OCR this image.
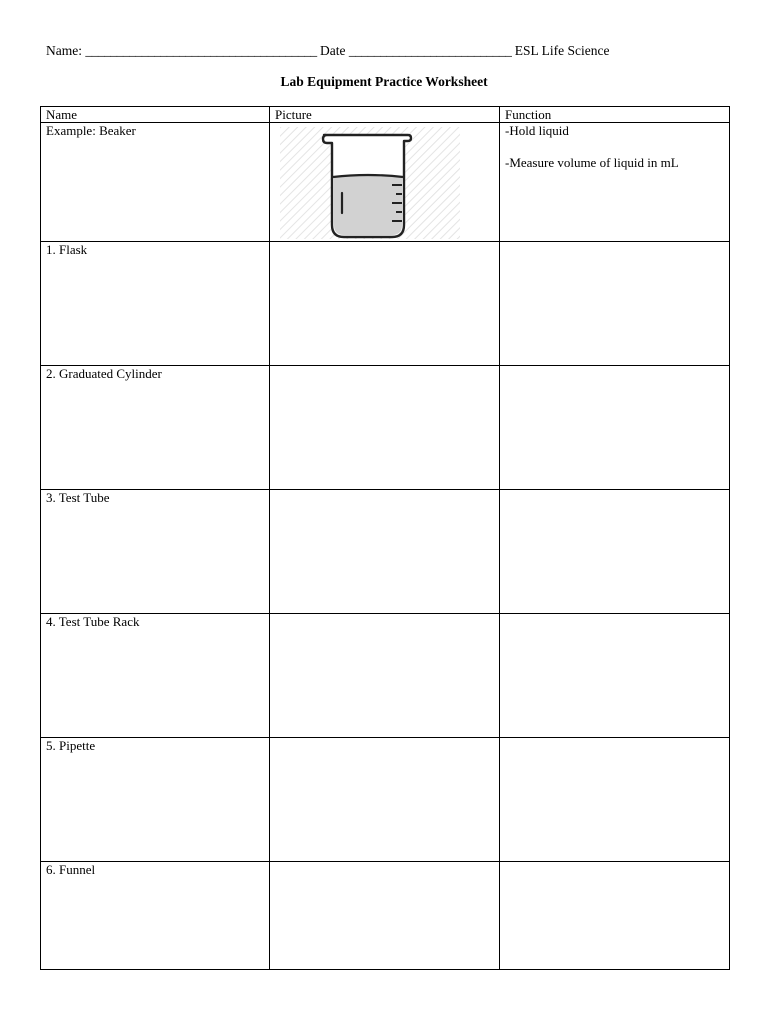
Name: _____________________________________ Date __________________________ ESL Life Science
Lab Equipment Practice Worksheet
Name	Picture	Function
Example: Beaker		-Hold liquid

-Measure volume of liquid in mL

1. Flask		
2. Graduated Cylinder		
3. Test Tube		
4. Test Tube Rack		
5. Pipette		
6. Funnel		
